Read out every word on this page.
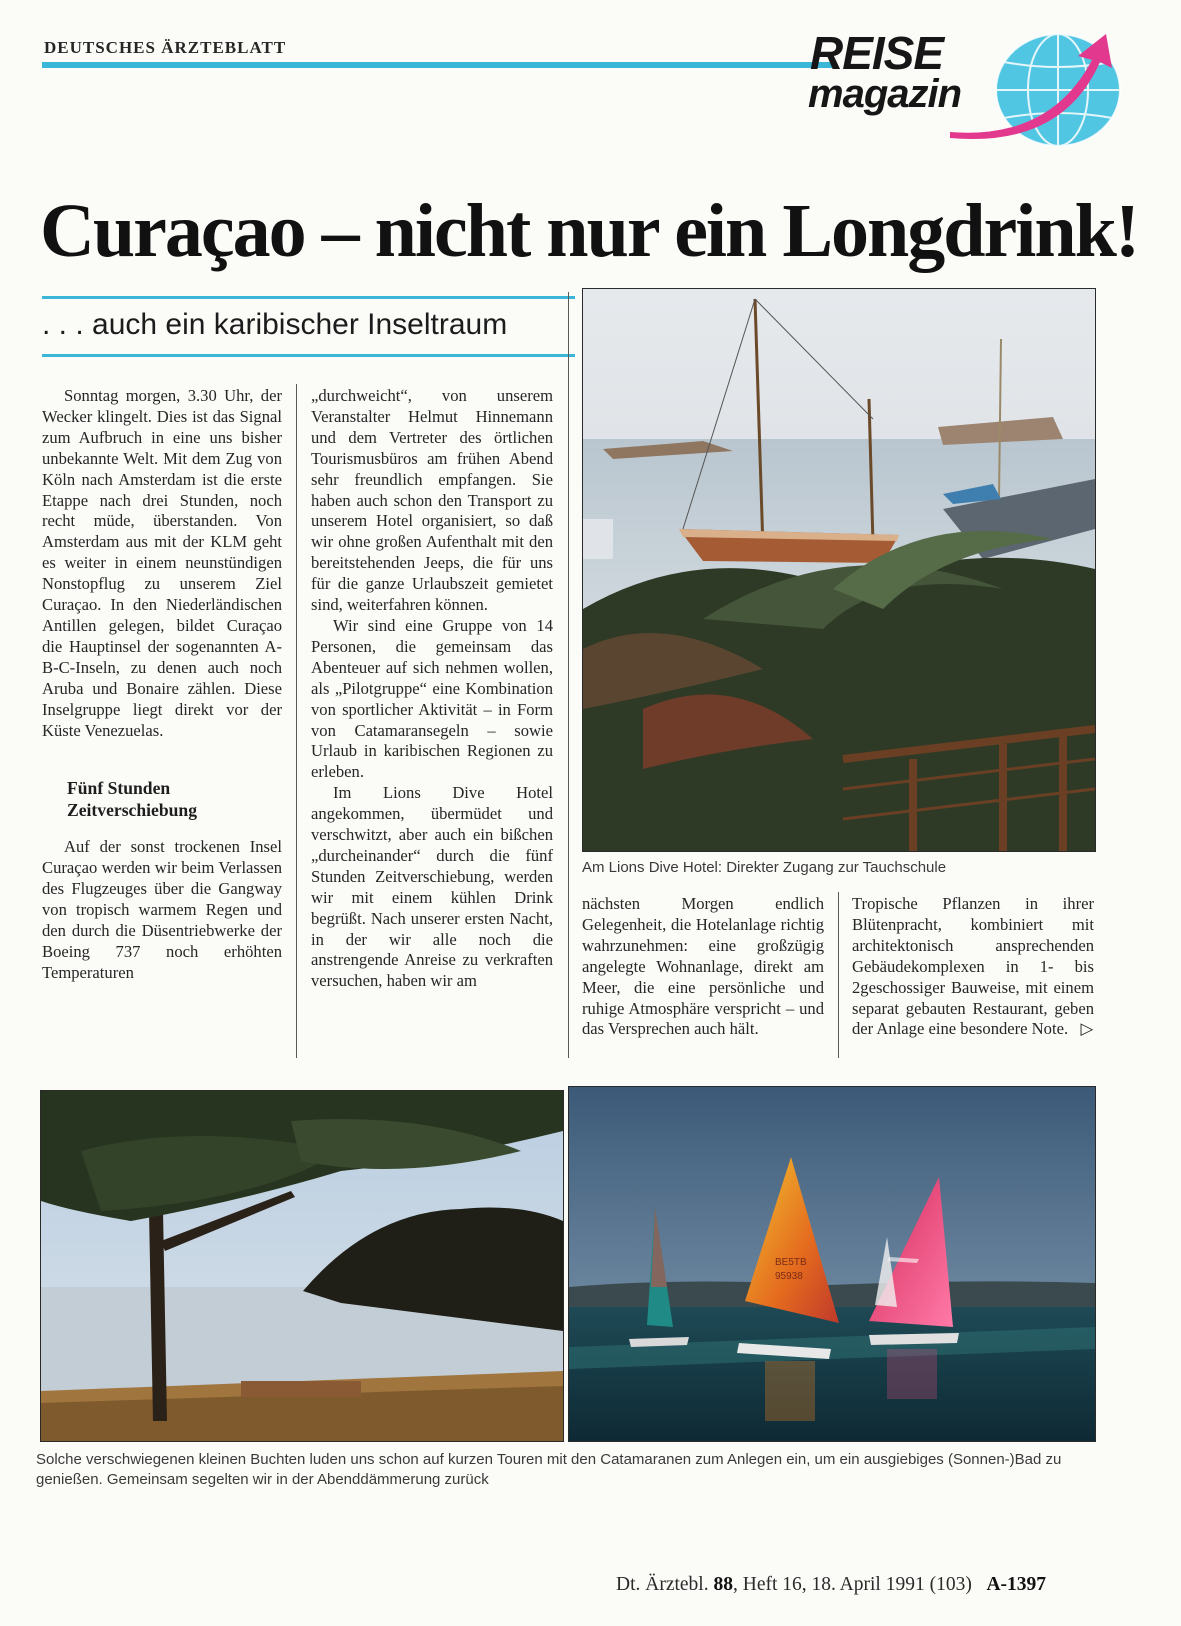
DEUTSCHES ÄRZTEBLATT	REISE
magazin
Curaçao – nicht nur ein Longdrink!
. . . auch ein karibischer Inseltraum

Sonntag morgen, 3.30 Uhr, der Wecker klingelt. Dies ist das Signal zum Aufbruch in eine uns bisher unbekannte Welt. Mit dem Zug von Köln nach Amsterdam ist die erste Etappe nach drei Stunden, noch recht müde, überstanden. Von Amsterdam aus mit der KLM geht es weiter in einem neunstündigen Nonstopflug zu unserem Ziel Curaçao. In den Niederländischen Antillen gelegen, bildet Curaçao die Hauptinsel der sogenannten A-B-C-Inseln, zu denen auch noch Aruba und Bonaire zählen. Diese Inselgruppe liegt direkt vor der Küste Venezuelas.

Fünf Stunden
Zeitverschiebung

Auf der sonst trockenen Insel Curaçao werden wir beim Verlassen des Flugzeuges über die Gangway von tropisch warmem Regen und den durch die Düsentriebwerke der Boeing 737 noch erhöhten Temperaturen

„durchweicht“, von unserem Veranstalter Helmut Hinnemann und dem Vertreter des örtlichen Tourismusbüros am frühen Abend sehr freundlich empfangen. Sie haben auch schon den Transport zu unserem Hotel organisiert, so daß wir ohne großen Aufenthalt mit den bereitstehenden Jeeps, die für uns für die ganze Urlaubszeit gemietet sind, weiterfahren können.

Wir sind eine Gruppe von 14 Personen, die gemeinsam das Abenteuer auf sich nehmen wollen, als „Pilotgruppe“ eine Kombination von sportlicher Aktivität – in Form von Catamaransegeln – sowie Urlaub in karibischen Regionen zu erleben.

Im Lions Dive Hotel angekommen, übermüdet und verschwitzt, aber auch ein bißchen „durcheinander“ durch die fünf Stunden Zeitverschiebung, werden wir mit einem kühlen Drink begrüßt. Nach unserer ersten Nacht, in der wir alle noch die anstrengende Anreise zu verkraften versuchen, haben wir am

Am Lions Dive Hotel: Direkter Zugang zur Tauchschule

nächsten Morgen endlich Gelegenheit, die Hotelanlage richtig wahrzunehmen: eine großzügig angelegte Wohnanlage, direkt am Meer, die eine persönliche und ruhige Atmosphäre verspricht – und das Versprechen auch hält.

Tropische Pflanzen in ihrer Blütenpracht, kombiniert mit architektonisch ansprechenden Gebäudekomplexen in 1- bis 2geschossiger Bauweise, mit einem separat gebauten Restaurant, geben der Anlage eine besondere Note. ▷

BE5TB
95938
Solche verschwiegenen kleinen Buchten luden uns schon auf kurzen Touren mit den Catamaranen zum Anlegen ein, um ein ausgiebiges (Sonnen-)Bad zu genießen. Gemeinsam segelten wir in der Abenddämmerung zurück
Dt. Ärztebl. 88, Heft 16, 18. April 1991 (103) A-1397
